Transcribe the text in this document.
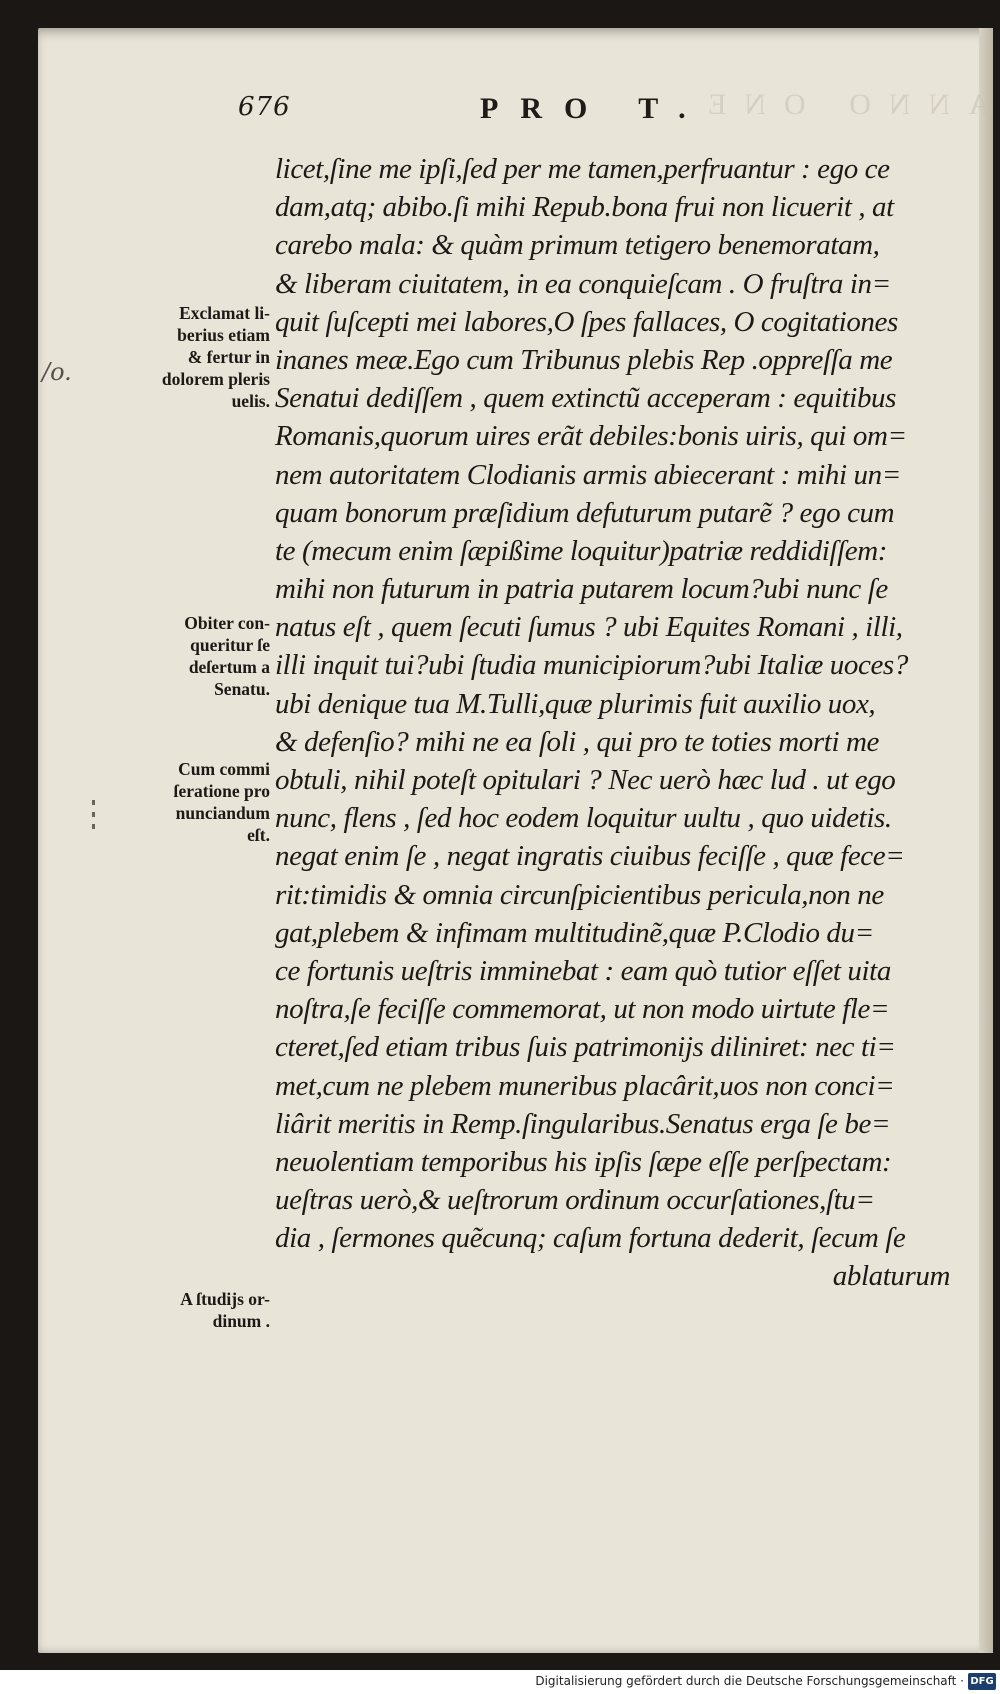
ANNO ONE
676	PRO T.
/o.
Exclamat li-
berius etiam
& fertur in
dolorem pleris
uelis.
Obiter con-
queritur ſe
deſertum a
Senatu.
Cum commi
ſeratione pro
nunciandum
eſt.
A ſtudijs or-
dinum .
licet,ſine me ipſi,ſed per me tamen,perfruantur : ego ce
dam,atq; abibo.ſi mihi Repub.bona frui non licuerit , at
carebo mala: & quàm primum tetigero benemoratam,
& liberam ciuitatem, in ea conquieſcam . O fruſtra in=
quit ſuſcepti mei labores,O ſpes fallaces, O cogitationes
inanes meæ.Ego cum Tribunus plebis Rep .oppreſſa me
Senatui dediſſem , quem extinctũ acceperam : equitibus
Romanis,quorum uires erãt debiles:bonis uiris, qui om=
nem autoritatem Clodianis armis abiecerant : mihi un=
quam bonorum præſidium defuturum putarẽ ? ego cum
te (mecum enim ſæpißime loquitur)patriæ reddidiſſem:
mihi non futurum in patria putarem locum?ubi nunc ſe
natus eſt , quem ſecuti ſumus ? ubi Equites Romani , illi,
illi inquit tui?ubi ſtudia municipiorum?ubi Italiæ uoces?
ubi denique tua M.Tulli,quæ plurimis fuit auxilio uox,
& defenſio? mihi ne ea ſoli , qui pro te toties morti me
obtuli, nihil poteſt opitulari ? Nec uerò hæc lud . ut ego
nunc, flens , ſed hoc eodem loquitur uultu , quo uidetis.
negat enim ſe , negat ingratis ciuibus feciſſe , quæ fece=
rit:timidis & omnia circunſpicientibus pericula,non ne
gat,plebem & infimam multitudinẽ,quæ P.Clodio du=
ce fortunis ueſtris imminebat : eam quò tutior eſſet uita
noſtra,ſe feciſſe commemorat, ut non modo uirtute fle=
cteret,ſed etiam tribus ſuis patrimonijs diliniret: nec ti=
met,cum ne plebem muneribus placârit,uos non conci=
liârit meritis in Remp.ſingularibus.Senatus erga ſe be=
neuolentiam temporibus his ipſis ſæpe eſſe perſpectam:
ueſtras uerò,& ueſtrorum ordinum occurſationes,ſtu=
dia , ſermones quẽcunq; caſum fortuna dederit, ſecum ſe
ablaturum
Digitalisierung gefördert durch die Deutsche Forschungsgemeinschaft · DFG
